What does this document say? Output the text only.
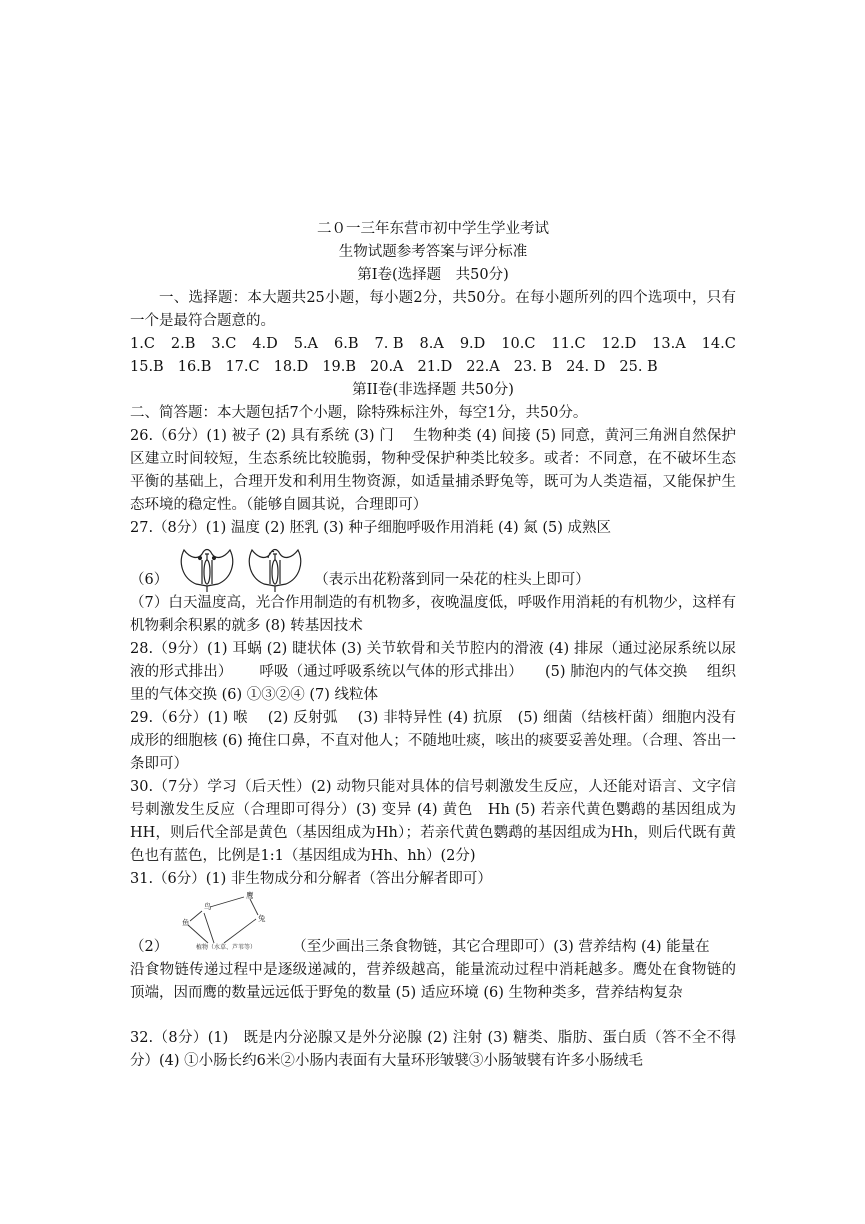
二０一三年东营市初中学生学业考试
生物试题参考答案与评分标准
第Ⅰ卷(选择题　共50分)
一、选择题：本大题共25小题，每小题2分，共50分。在每小题所列的四个选项中，只有一个是最符合题意的。
1.C 2.B 3.C 4.D 5.A 6.B 7. B 8.A 9.D 10.C 11.C 12.D 13.A 14.C
15.B 16.B 17.C 18.D 19.B 20.A 21.D 22.A 23. B 24. D 25. B
第II卷(非选择题 共50分)
二、简答题：本大题包括7个小题，除特殊标注外，每空1分，共50分。
26.（6分）(1) 被子 (2) 具有系统 (3) 门　 生物种类 (4) 间接 (5) 同意，黄河三角洲自然保护区建立时间较短，生态系统比较脆弱，物种受保护种类比较多。或者：不同意，在不破坏生态平衡的基础上，合理开发和利用生物资源，如适量捕杀野兔等，既可为人类造福，又能保护生态环境的稳定性。（能够自圆其说，合理即可）
27.（8分）(1) 温度 (2) 胚乳 (3) 种子细胞呼吸作用消耗 (4) 氮 (5) 成熟区
（6）	（表示出花粉落到同一朵花的柱头上即可）
（7）白天温度高，光合作用制造的有机物多，夜晚温度低，呼吸作用消耗的有机物少，这样有机物剩余积累的就多 (8) 转基因技术
28.（9分）(1) 耳蜗 (2) 睫状体 (3) 关节软骨和关节腔内的滑液 (4) 排尿（通过泌尿系统以尿液的形式排出）　　 呼吸（通过呼吸系统以气体的形式排出）　　(5) 肺泡内的气体交换　 组织里的气体交换 (6) ①③②④ (7) 线粒体
29.（6分）(1) 喉　 (2) 反射弧　 (3) 非特异性 (4) 抗原　(5) 细菌（结核杆菌）细胞内没有成形的细胞核 (6) 掩住口鼻，不直对他人；不随地吐痰，咳出的痰要妥善处理。（合理、答出一条即可）
30.（7分）学习（后天性）(2) 动物只能对具体的信号刺激发生反应，人还能对语言、文字信号刺激发生反应（合理即可得分）(3) 变异 (4) 黄色　Hh (5) 若亲代黄色鹦鹉的基因组成为HH，则后代全部是黄色（基因组成为Hh）；若亲代黄色鹦鹉的基因组成为Hh，则后代既有黄色也有蓝色，比例是1:1（基因组成为Hh、hh）(2分)
31.（6分）(1) 非生物成分和分解者（答出分解者即可）
（2）
鹰
鸟
兔
鱼
植物（水草、芦苇等） （至少画出三条食物链，其它合理即可）(3) 营养结构 (4) 能量在
沿食物链传递过程中是逐级递减的，营养级越高，能量流动过程中消耗越多。鹰处在食物链的顶端，因而鹰的数量远远低于野兔的数量 (5) 适应环境 (6) 生物种类多，营养结构复杂
32.（8分）(1)　既是内分泌腺又是外分泌腺 (2) 注射 (3) 糖类、脂肪、蛋白质（答不全不得分）(4) ①小肠长约6米②小肠内表面有大量环形皱襞③小肠皱襞有许多小肠绒毛
